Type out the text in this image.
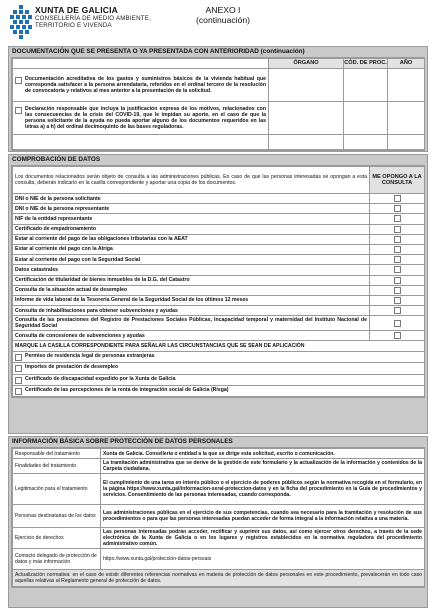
XUNTA DE GALICIA
CONSELLERÍA DE MEDIO AMBIENTE,
TERRITORIO E VIVENDA
ANEXO I
(continuación)
DOCUMENTACIÓN QUE SE PRESENTA O YA PRESENTADA CON ANTERIORIDAD (continuación)
	ÓRGANO	CÓD. DE PROC.	AÑO

Documentación acreditativa de los gastos y suministros básicos de la vivienda habitual que corresponda satisfacer a la persona arrendataria, referidos en el ordinal tercero de la resolución de convocatoria y relativos al mes anterior a la presentación de la solicitud.			

Declaración responsable que incluya la justificación expresa de los motivos, relacionados con las consecuencias de la crisis del COVID-19, que le impidan su aporte, en el caso de que la persona solicitante de la ayuda no pueda aportar alguno de los documentos requeridos en las letras a) a h) del ordinal decimoquinto de las bases reguladoras.			

COMPROBACIÓN DE DATOS
Los documentos relacionados serán objeto de consulta a las administraciones públicas. En caso de que las personas interesadas se opongan a esta consulta, deberán indicarlo en la casilla correspondiente y aportar una copia de los documentos.	ME OPONGO A LA CONSULTA
DNI o NIE de la persona solicitante	
DNI o NIE de la persona representante	
NIF de la entidad representante	
Certificado de empadronamiento	
Estar al corriente del pago de las obligaciones tributarias con la AEAT	
Estar al corriente del pago con la Atriga	
Estar al corriente del pago con la Seguridad Social	
Datos catastrales	
Certificación de titularidad de bienes inmuebles de la D.G. del Catastro	
Consulta de la situación actual de desempleo	
Informe de vida laboral de la Tesorería General de la Seguridad Social de los últimos 12 meses	
Consulta de inhabilitaciones para obtener subvenciones y ayudas	
Consulta de las prestaciones del Registro de Prestaciones Sociales Públicas, Incapacidad temporal y maternidad del Instituto Nacional de Seguridad Social	
Consulta de concesiones de subvenciones y ayudas	
MARQUE LA CASILLA CORRESPONDIENTE PARA SEÑALAR LAS CIRCUNSTANCIAS QUE SE SEAN DE APLICACIÓN	

Permiso de residencia legal de personas extranjeras	

Importes de prestación de desempleo	

Certificado de discapacidad expedido por la Xunta de Galicia	

Certificado de las percepciones de la renta de integración social de Galicia (Risga)	
INFORMACIÓN BÁSICA SOBRE PROTECCIÓN DE DATOS PERSONALES
Responsable del tratamiento	Xunta de Galicia. Consellería o entidad a la que se dirige esta solicitud, escrito o comunicación.
Finalidades del tratamiento	La tramitación administrativa que se derive de la gestión de este formulario y la actualización de la información y contenidos de la Carpeta ciudadana.
Legitimación para el tratamiento	El cumplimiento de una tarea en interés público o el ejercicio de poderes públicos según la normativa recogida en el formulario, en la página https://www.xunta.gal/informacion-xeral-proteccion-datos y en la ficha del procedimiento en la Guía de procedimientos y servicios. Consentimiento de las personas interesadas, cuando corresponda.
Personas destinatarias de los datos	Las administraciones públicas en el ejercicio de sus competencias, cuando sea necesario para la tramitación y resolución de sus procedimientos o para que las personas interesadas puedan acceder de forma integral a la información relativa a una materia.
Ejercicio de derechos	Las personas interesadas podrán acceder, rectificar y suprimir sus datos, así como ejercer otros derechos, a través de la sede electrónica de la Xunta de Galicia o en los lugares y registros establecidos en la normativa reguladora del procedimiento administrativo común.
Contacto delegado de protección de datos y más información	https://www.xunta.gal/proteccion-datos-persoais
Actualización normativa: en el caso de existir diferentes referencias normativas en materia de protección de datos personales en este procedimiento, prevalecerán en todo caso aquellas relativas al Reglamento general de protección de datos.	
